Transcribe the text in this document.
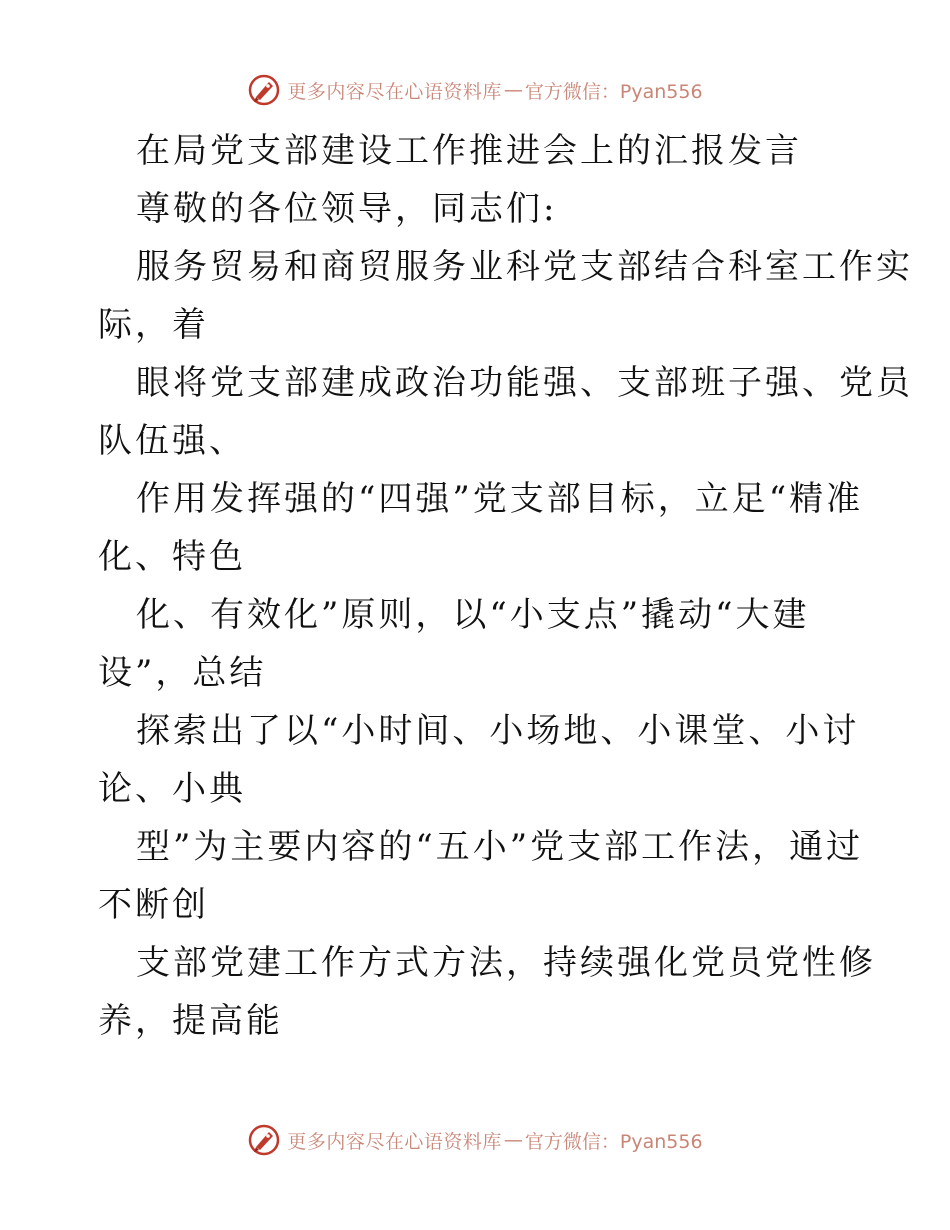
更多内容尽在心语资料库 — 官方微信：Pyan556
在局党支部建设工作推进会上的汇报发言
尊敬的各位领导，同志们:
服务贸易和商贸服务业科党支部结合科室工作实
际，着
眼将党支部建成政治功能强、支部班子强、党员
队伍强、
作用发挥强的“四强”党支部目标，立足“精准
化、特色
化、有效化”原则，以“小支点”撬动“大建
设”，总结
探索出了以“小时间、小场地、小课堂、小讨
论、小典
型”为主要内容的“五小”党支部工作法，通过
不断创
支部党建工作方式方法，持续强化党员党性修
养，提高能
更多内容尽在心语资料库 — 官方微信：Pyan556
